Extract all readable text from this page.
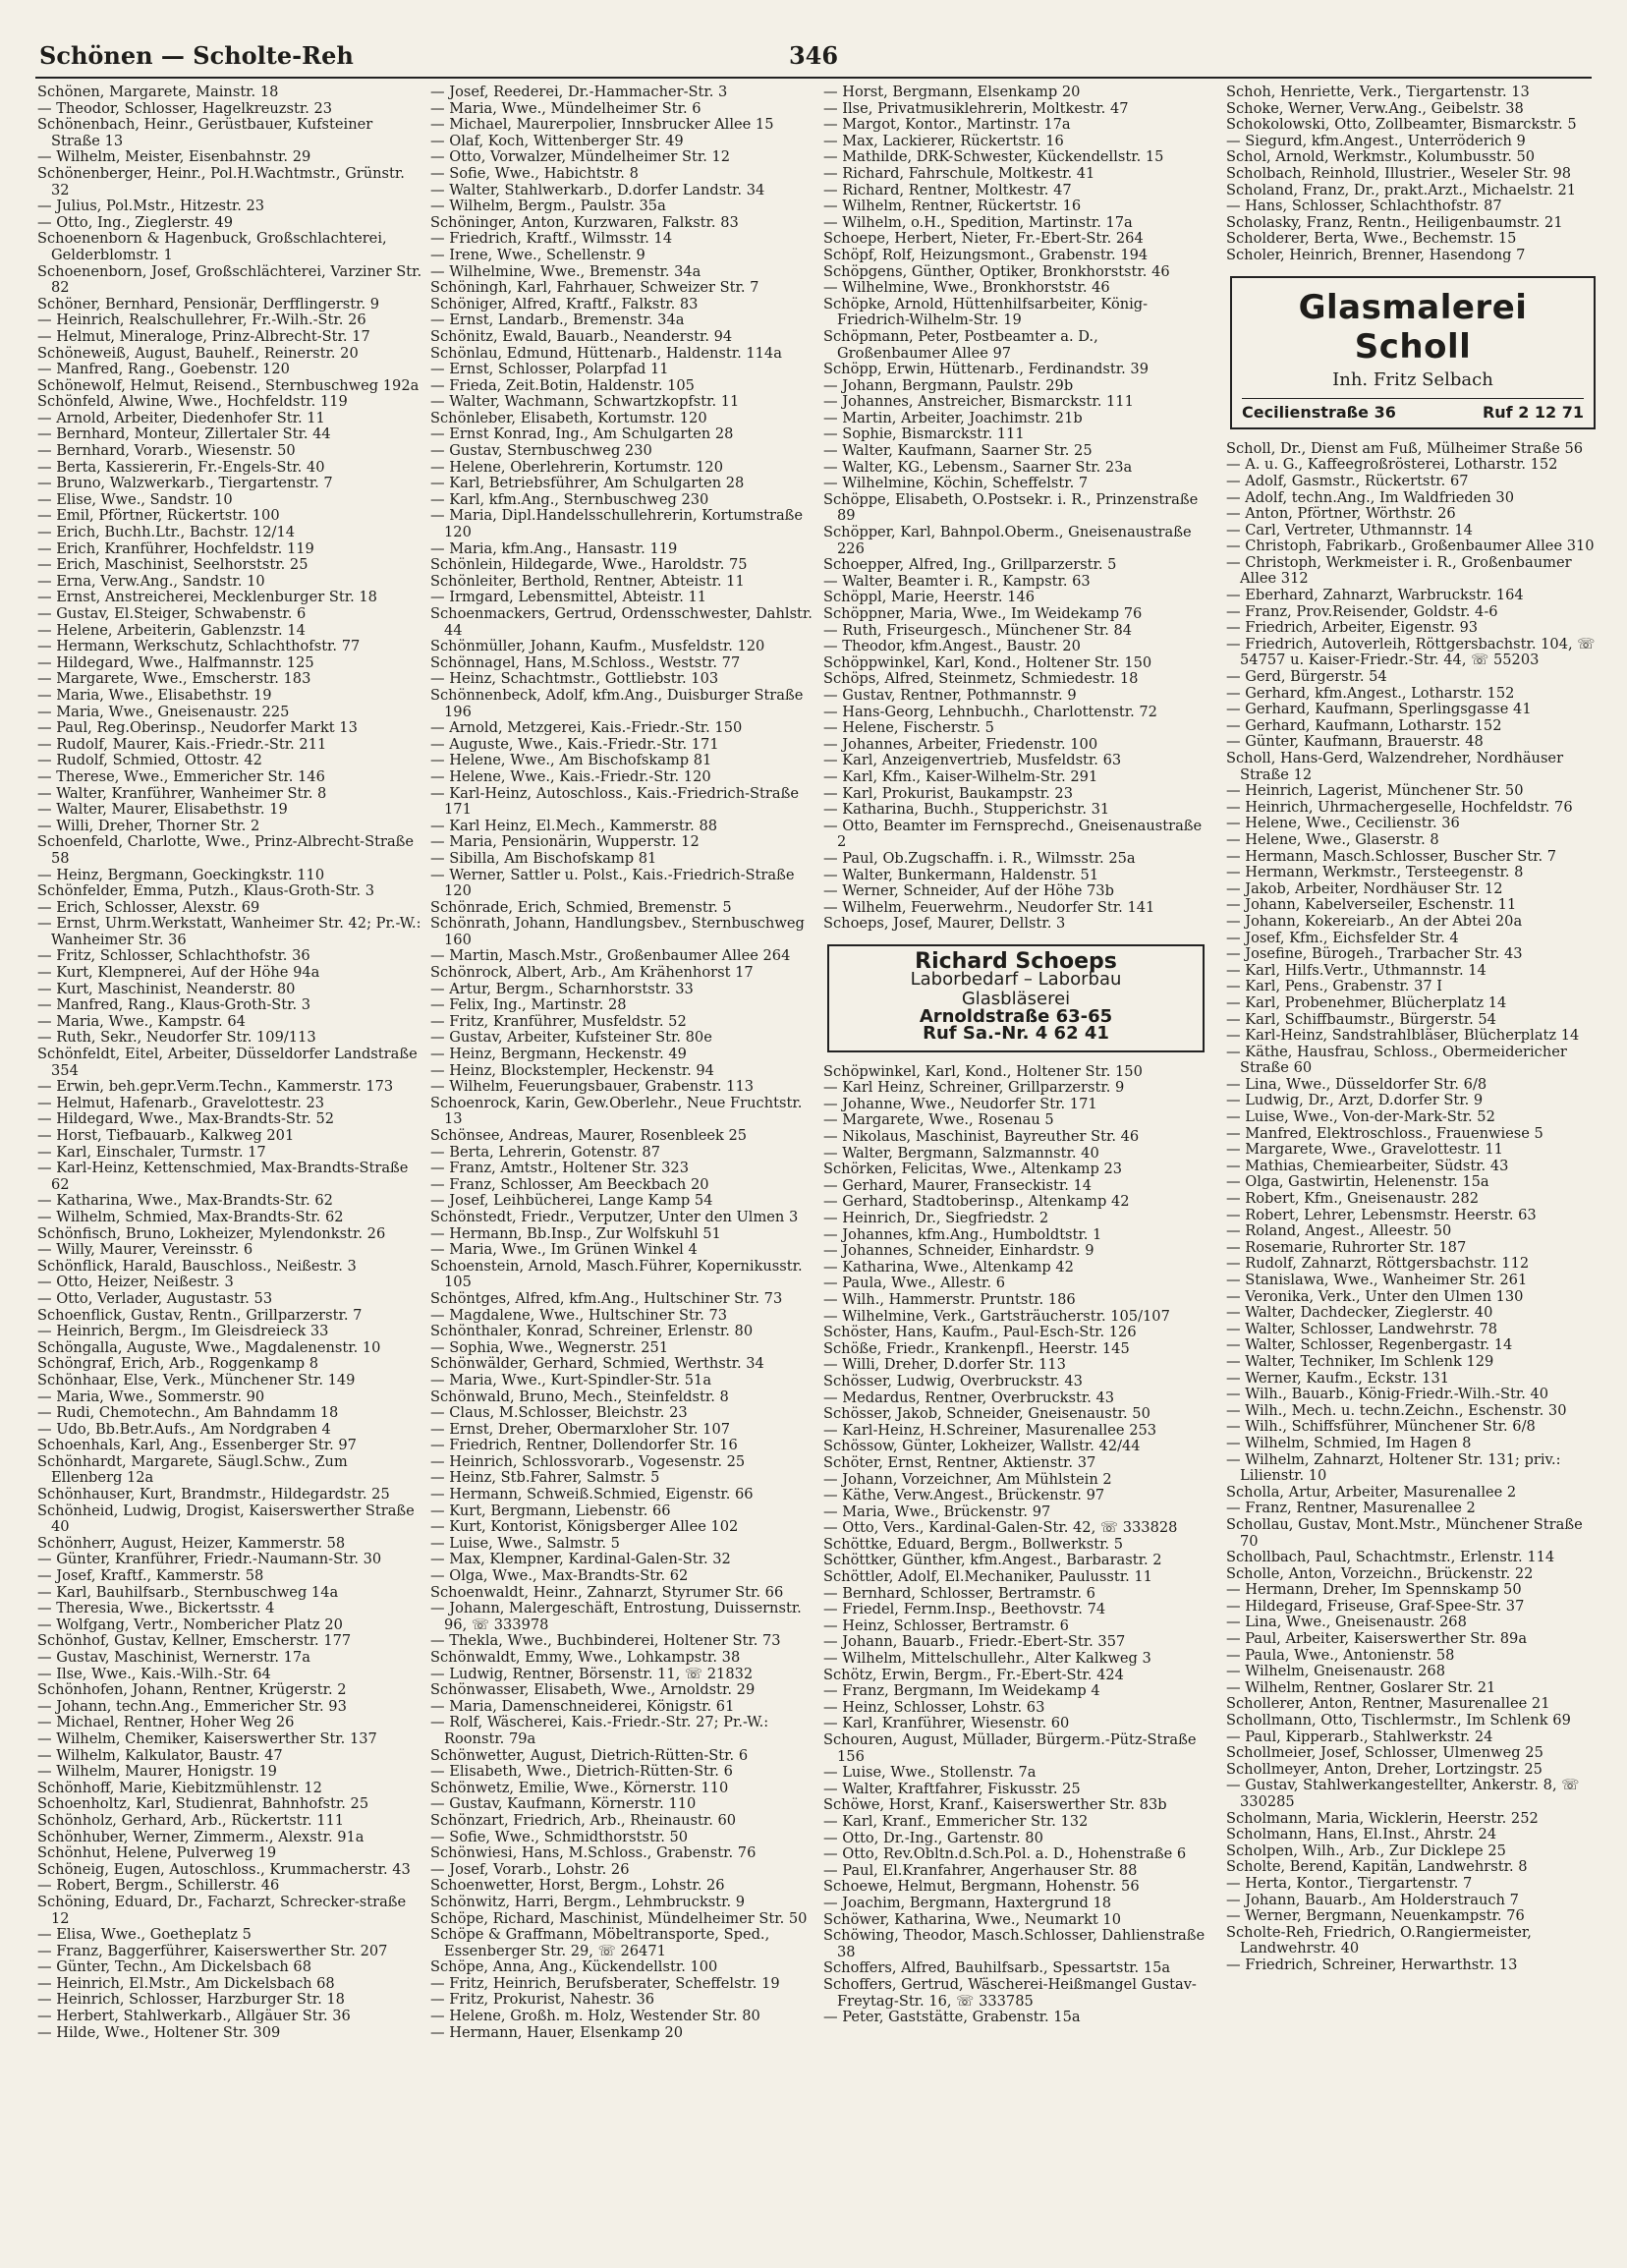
Schönen — Scholte-Reh	346

Schönen, Margarete, Mainstr. 18

— Theodor, Schlosser, Hagelkreuzstr. 23

Schönenbach, Heinr., Gerüstbauer, Kufsteiner Straße 13

— Wilhelm, Meister, Eisenbahnstr. 29

Schönenberger, Heinr., Pol.H.Wachtmstr., Grünstr. 32

— Julius, Pol.Mstr., Hitzestr. 23

— Otto, Ing., Zieglerstr. 49

Schoenenborn & Hagenbuck, Großschlachterei, Gelderblomstr. 1

Schoenenborn, Josef, Großschlächterei, Varziner Str. 82

Schöner, Bernhard, Pensionär, Derfflingerstr. 9

— Heinrich, Realschullehrer, Fr.-Wilh.-Str. 26

— Helmut, Mineraloge, Prinz-Albrecht-Str. 17

Schöneweiß, August, Bauhelf., Reinerstr. 20

— Manfred, Rang., Goebenstr. 120

Schönewolf, Helmut, Reisend., Sternbuschweg 192a

Schönfeld, Alwine, Wwe., Hochfeldstr. 119

— Arnold, Arbeiter, Diedenhofer Str. 11

— Bernhard, Monteur, Zillertaler Str. 44

— Bernhard, Vorarb., Wiesenstr. 50

— Berta, Kassiererin, Fr.-Engels-Str. 40

— Bruno, Walzwerkarb., Tiergartenstr. 7

— Elise, Wwe., Sandstr. 10

— Emil, Pförtner, Rückertstr. 100

— Erich, Buchh.Ltr., Bachstr. 12/14

— Erich, Kranführer, Hochfeldstr. 119

— Erich, Maschinist, Seelhorststr. 25

— Erna, Verw.Ang., Sandstr. 10

— Ernst, Anstreicherei, Mecklenburger Str. 18

— Gustav, El.Steiger, Schwabenstr. 6

— Helene, Arbeiterin, Gablenzstr. 14

— Hermann, Werkschutz, Schlachthofstr. 77

— Hildegard, Wwe., Halfmannstr. 125

— Margarete, Wwe., Emscherstr. 183

— Maria, Wwe., Elisabethstr. 19

— Maria, Wwe., Gneisenaustr. 225

— Paul, Reg.Oberinsp., Neudorfer Markt 13

— Rudolf, Maurer, Kais.-Friedr.-Str. 211

— Rudolf, Schmied, Ottostr. 42

— Therese, Wwe., Emmericher Str. 146

— Walter, Kranführer, Wanheimer Str. 8

— Walter, Maurer, Elisabethstr. 19

— Willi, Dreher, Thorner Str. 2

Schoenfeld, Charlotte, Wwe., Prinz-Albrecht-Straße 58

— Heinz, Bergmann, Goeckingkstr. 110

Schönfelder, Emma, Putzh., Klaus-Groth-Str. 3

— Erich, Schlosser, Alexstr. 69

— Ernst, Uhrm.Werkstatt, Wanheimer Str. 42; Pr.-W.: Wanheimer Str. 36

— Fritz, Schlosser, Schlachthofstr. 36

— Kurt, Klempnerei, Auf der Höhe 94a

— Kurt, Maschinist, Neanderstr. 80

— Manfred, Rang., Klaus-Groth-Str. 3

— Maria, Wwe., Kampstr. 64

— Ruth, Sekr., Neudorfer Str. 109/113

Schönfeldt, Eitel, Arbeiter, Düsseldorfer Landstraße 354

— Erwin, beh.gepr.Verm.Techn., Kammerstr. 173

— Helmut, Hafenarb., Gravelottestr. 23

— Hildegard, Wwe., Max-Brandts-Str. 52

— Horst, Tiefbauarb., Kalkweg 201

— Karl, Einschaler, Turmstr. 17

— Karl-Heinz, Kettenschmied, Max-Brandts-Straße 62

— Katharina, Wwe., Max-Brandts-Str. 62

— Wilhelm, Schmied, Max-Brandts-Str. 62

Schönfisch, Bruno, Lokheizer, Mylendonkstr. 26

— Willy, Maurer, Vereinsstr. 6

Schönflick, Harald, Bauschloss., Neißestr. 3

— Otto, Heizer, Neißestr. 3

— Otto, Verlader, Augustastr. 53

Schoenflick, Gustav, Rentn., Grillparzerstr. 7

— Heinrich, Bergm., Im Gleisdreieck 33

Schöngalla, Auguste, Wwe., Magdalenenstr. 10

Schöngraf, Erich, Arb., Roggenkamp 8

Schönhaar, Else, Verk., Münchener Str. 149

— Maria, Wwe., Sommerstr. 90

— Rudi, Chemotechn., Am Bahndamm 18

— Udo, Bb.Betr.Aufs., Am Nordgraben 4

Schoenhals, Karl, Ang., Essenberger Str. 97

Schönhardt, Margarete, Säugl.Schw., Zum Ellenberg 12a

Schönhauser, Kurt, Brandmstr., Hildegardstr. 25

Schönheid, Ludwig, Drogist, Kaiserswerther Straße 40

Schönherr, August, Heizer, Kammerstr. 58

— Günter, Kranführer, Friedr.-Naumann-Str. 30

— Josef, Kraftf., Kammerstr. 58

— Karl, Bauhilfsarb., Sternbuschweg 14a

— Theresia, Wwe., Bickertsstr. 4

— Wolfgang, Vertr., Nombericher Platz 20

Schönhof, Gustav, Kellner, Emscherstr. 177

— Gustav, Maschinist, Wernerstr. 17a

— Ilse, Wwe., Kais.-Wilh.-Str. 64

Schönhofen, Johann, Rentner, Krügerstr. 2

— Johann, techn.Ang., Emmericher Str. 93

— Michael, Rentner, Hoher Weg 26

— Wilhelm, Chemiker, Kaiserswerther Str. 137

— Wilhelm, Kalkulator, Baustr. 47

— Wilhelm, Maurer, Honigstr. 19

Schönhoff, Marie, Kiebitzmühlenstr. 12

Schoenholtz, Karl, Studienrat, Bahnhofstr. 25

Schönholz, Gerhard, Arb., Rückertstr. 111

Schönhuber, Werner, Zimmerm., Alexstr. 91a

Schönhut, Helene, Pulverweg 19

Schöneig, Eugen, Autoschloss., Krummacherstr. 43

— Robert, Bergm., Schillerstr. 46

Schöning, Eduard, Dr., Facharzt, Schrecker-straße 12

— Elisa, Wwe., Goetheplatz 5

— Franz, Baggerführer, Kaiserswerther Str. 207

— Günter, Techn., Am Dickelsbach 68

— Heinrich, El.Mstr., Am Dickelsbach 68

— Heinrich, Schlosser, Harzburger Str. 18

— Herbert, Stahlwerkarb., Allgäuer Str. 36

— Hilde, Wwe., Holtener Str. 309

— Josef, Reederei, Dr.-Hammacher-Str. 3

— Maria, Wwe., Mündelheimer Str. 6

— Michael, Maurerpolier, Innsbrucker Allee 15

— Olaf, Koch, Wittenberger Str. 49

— Otto, Vorwalzer, Mündelheimer Str. 12

— Sofie, Wwe., Habichtstr. 8

— Walter, Stahlwerkarb., D.dorfer Landstr. 34

— Wilhelm, Bergm., Paulstr. 35a

Schöninger, Anton, Kurzwaren, Falkstr. 83

— Friedrich, Kraftf., Wilmsstr. 14

— Irene, Wwe., Schellenstr. 9

— Wilhelmine, Wwe., Bremenstr. 34a

Schöningh, Karl, Fahrhauer, Schweizer Str. 7

Schöniger, Alfred, Kraftf., Falkstr. 83

— Ernst, Landarb., Bremenstr. 34a

Schönitz, Ewald, Bauarb., Neanderstr. 94

Schönlau, Edmund, Hüttenarb., Haldenstr. 114a

— Ernst, Schlosser, Polarpfad 11

— Frieda, Zeit.Botin, Haldenstr. 105

— Walter, Wachmann, Schwartzkopfstr. 11

Schönleber, Elisabeth, Kortumstr. 120

— Ernst Konrad, Ing., Am Schulgarten 28

— Gustav, Sternbuschweg 230

— Helene, Oberlehrerin, Kortumstr. 120

— Karl, Betriebsführer, Am Schulgarten 28

— Karl, kfm.Ang., Sternbuschweg 230

— Maria, Dipl.Handelsschullehrerin, Kortumstraße 120

— Maria, kfm.Ang., Hansastr. 119

Schönlein, Hildegarde, Wwe., Haroldstr. 75

Schönleiter, Berthold, Rentner, Abteistr. 11

— Irmgard, Lebensmittel, Abteistr. 11

Schoenmackers, Gertrud, Ordensschwester, Dahlstr. 44

Schönmüller, Johann, Kaufm., Musfeldstr. 120

Schönnagel, Hans, M.Schloss., Weststr. 77

— Heinz, Schachtmstr., Gottliebstr. 103

Schönnenbeck, Adolf, kfm.Ang., Duisburger Straße 196

— Arnold, Metzgerei, Kais.-Friedr.-Str. 150

— Auguste, Wwe., Kais.-Friedr.-Str. 171

— Helene, Wwe., Am Bischofskamp 81

— Helene, Wwe., Kais.-Friedr.-Str. 120

— Karl-Heinz, Autoschloss., Kais.-Friedrich-Straße 171

— Karl Heinz, El.Mech., Kammerstr. 88

— Maria, Pensionärin, Wupperstr. 12

— Sibilla, Am Bischofskamp 81

— Werner, Sattler u. Polst., Kais.-Friedrich-Straße 120

Schönrade, Erich, Schmied, Bremenstr. 5

Schönrath, Johann, Handlungsbev., Sternbuschweg 160

— Martin, Masch.Mstr., Großenbaumer Allee 264

Schönrock, Albert, Arb., Am Krähenhorst 17

— Artur, Bergm., Scharnhorststr. 33

— Felix, Ing., Martinstr. 28

— Fritz, Kranführer, Musfeldstr. 52

— Gustav, Arbeiter, Kufsteiner Str. 80e

— Heinz, Bergmann, Heckenstr. 49

— Heinz, Blockstempler, Heckenstr. 94

— Wilhelm, Feuerungsbauer, Grabenstr. 113

Schoenrock, Karin, Gew.Oberlehr., Neue Fruchtstr. 13

Schönsee, Andreas, Maurer, Rosenbleek 25

— Berta, Lehrerin, Gotenstr. 87

— Franz, Amtstr., Holtener Str. 323

— Franz, Schlosser, Am Beeckbach 20

— Josef, Leihbücherei, Lange Kamp 54

Schönstedt, Friedr., Verputzer, Unter den Ulmen 3

— Hermann, Bb.Insp., Zur Wolfskuhl 51

— Maria, Wwe., Im Grünen Winkel 4

Schoenstein, Arnold, Masch.Führer, Kopernikusstr. 105

Schöntges, Alfred, kfm.Ang., Hultschiner Str. 73

— Magdalene, Wwe., Hultschiner Str. 73

Schönthaler, Konrad, Schreiner, Erlenstr. 80

— Sophia, Wwe., Wegnerstr. 251

Schönwälder, Gerhard, Schmied, Werthstr. 34

— Maria, Wwe., Kurt-Spindler-Str. 51a

Schönwald, Bruno, Mech., Steinfeldstr. 8

— Claus, M.Schlosser, Bleichstr. 23

— Ernst, Dreher, Obermarxloher Str. 107

— Friedrich, Rentner, Dollendorfer Str. 16

— Heinrich, Schlossvorarb., Vogesenstr. 25

— Heinz, Stb.Fahrer, Salmstr. 5

— Hermann, Schweiß.Schmied, Eigenstr. 66

— Kurt, Bergmann, Liebenstr. 66

— Kurt, Kontorist, Königsberger Allee 102

— Luise, Wwe., Salmstr. 5

— Max, Klempner, Kardinal-Galen-Str. 32

— Olga, Wwe., Max-Brandts-Str. 62

Schoenwaldt, Heinr., Zahnarzt, Styrumer Str. 66

— Johann, Malergeschäft, Entrostung, Duissernstr. 96, ☏ 333978

— Thekla, Wwe., Buchbinderei, Holtener Str. 73

Schönwaldt, Emmy, Wwe., Lohkampstr. 38

— Ludwig, Rentner, Börsenstr. 11, ☏ 21832

Schönwasser, Elisabeth, Wwe., Arnoldstr. 29

— Maria, Damenschneiderei, Königstr. 61

— Rolf, Wäscherei, Kais.-Friedr.-Str. 27; Pr.-W.: Roonstr. 79a

Schönwetter, August, Dietrich-Rütten-Str. 6

— Elisabeth, Wwe., Dietrich-Rütten-Str. 6

Schönwetz, Emilie, Wwe., Körnerstr. 110

— Gustav, Kaufmann, Körnerstr. 110

Schönzart, Friedrich, Arb., Rheinaustr. 60

— Sofie, Wwe., Schmidthorststr. 50

Schönwiesi, Hans, M.Schloss., Grabenstr. 76

— Josef, Vorarb., Lohstr. 26

Schoenwetter, Horst, Bergm., Lohstr. 26

Schönwitz, Harri, Bergm., Lehmbruckstr. 9

Schöpe, Richard, Maschinist, Mündelheimer Str. 50

Schöpe & Graffmann, Möbeltransporte, Sped., Essenberger Str. 29, ☏ 26471

Schöpe, Anna, Ang., Kückendellstr. 100

— Fritz, Heinrich, Berufsberater, Scheffelstr. 19

— Fritz, Prokurist, Nahestr. 36

— Helene, Großh. m. Holz, Westender Str. 80

— Hermann, Hauer, Elsenkamp 20

— Horst, Bergmann, Elsenkamp 20

— Ilse, Privatmusiklehrerin, Moltkestr. 47

— Margot, Kontor., Martinstr. 17a

— Max, Lackierer, Rückertstr. 16

— Mathilde, DRK-Schwester, Kückendellstr. 15

— Richard, Fahrschule, Moltkestr. 41

— Richard, Rentner, Moltkestr. 47

— Wilhelm, Rentner, Rückertstr. 16

— Wilhelm, o.H., Spedition, Martinstr. 17a

Schoepe, Herbert, Nieter, Fr.-Ebert-Str. 264

Schöpf, Rolf, Heizungsmont., Grabenstr. 194

Schöpgens, Günther, Optiker, Bronkhorststr. 46

— Wilhelmine, Wwe., Bronkhorststr. 46

Schöpke, Arnold, Hüttenhilfsarbeiter, König-Friedrich-Wilhelm-Str. 19

Schöpmann, Peter, Postbeamter a. D., Großenbaumer Allee 97

Schöpp, Erwin, Hüttenarb., Ferdinandstr. 39

— Johann, Bergmann, Paulstr. 29b

— Johannes, Anstreicher, Bismarckstr. 111

— Martin, Arbeiter, Joachimstr. 21b

— Sophie, Bismarckstr. 111

— Walter, Kaufmann, Saarner Str. 25

— Walter, KG., Lebensm., Saarner Str. 23a

— Wilhelmine, Köchin, Scheffelstr. 7

Schöppe, Elisabeth, O.Postsekr. i. R., Prinzenstraße 89

Schöpper, Karl, Bahnpol.Oberm., Gneisenaustraße 226

Schoepper, Alfred, Ing., Grillparzerstr. 5

— Walter, Beamter i. R., Kampstr. 63

Schöppl, Marie, Heerstr. 146

Schöppner, Maria, Wwe., Im Weidekamp 76

— Ruth, Friseurgesch., Münchener Str. 84

— Theodor, kfm.Angest., Baustr. 20

Schöppwinkel, Karl, Kond., Holtener Str. 150

Schöps, Alfred, Steinmetz, Schmiedestr. 18

— Gustav, Rentner, Pothmannstr. 9

— Hans-Georg, Lehnbuchh., Charlottenstr. 72

— Helene, Fischerstr. 5

— Johannes, Arbeiter, Friedenstr. 100

— Karl, Anzeigenvertrieb, Musfeldstr. 63

— Karl, Kfm., Kaiser-Wilhelm-Str. 291

— Karl, Prokurist, Baukampstr. 23

— Katharina, Buchh., Stupperichstr. 31

— Otto, Beamter im Fernsprechd., Gneisenaustraße 2

— Paul, Ob.Zugschaffn. i. R., Wilmsstr. 25a

— Walter, Bunkermann, Haldenstr. 51

— Werner, Schneider, Auf der Höhe 73b

— Wilhelm, Feuerwehrm., Neudorfer Str. 141

Schoeps, Josef, Maurer, Dellstr. 3

Richard Schoeps
Laborbedarf – Laborbau
Glasbläserei
Arnoldstraße 63-65
Ruf Sa.-Nr. 4 62 41

Schöpwinkel, Karl, Kond., Holtener Str. 150

— Karl Heinz, Schreiner, Grillparzerstr. 9

— Johanne, Wwe., Neudorfer Str. 171

— Margarete, Wwe., Rosenau 5

— Nikolaus, Maschinist, Bayreuther Str. 46

— Walter, Bergmann, Salzmannstr. 40

Schörken, Felicitas, Wwe., Altenkamp 23

— Gerhard, Maurer, Franseckistr. 14

— Gerhard, Stadtoberinsp., Altenkamp 42

— Heinrich, Dr., Siegfriedstr. 2

— Johannes, kfm.Ang., Humboldtstr. 1

— Johannes, Schneider, Einhardstr. 9

— Katharina, Wwe., Altenkamp 42

— Paula, Wwe., Allestr. 6

— Wilh., Hammerstr. Pruntstr. 186

— Wilhelmine, Verk., Gartsträucherstr. 105/107

Schöster, Hans, Kaufm., Paul-Esch-Str. 126

Schöße, Friedr., Krankenpfl., Heerstr. 145

— Willi, Dreher, D.dorfer Str. 113

Schösser, Ludwig, Overbruckstr. 43

— Medardus, Rentner, Overbruckstr. 43

Schösser, Jakob, Schneider, Gneisenaustr. 50

— Karl-Heinz, H.Schreiner, Masurenallee 253

Schössow, Günter, Lokheizer, Wallstr. 42/44

Schöter, Ernst, Rentner, Aktienstr. 37

— Johann, Vorzeichner, Am Mühlstein 2

— Käthe, Verw.Angest., Brückenstr. 97

— Maria, Wwe., Brückenstr. 97

— Otto, Vers., Kardinal-Galen-Str. 42, ☏ 333828

Schöttke, Eduard, Bergm., Bollwerkstr. 5

Schöttker, Günther, kfm.Angest., Barbarastr. 2

Schöttler, Adolf, El.Mechaniker, Paulusstr. 11

— Bernhard, Schlosser, Bertramstr. 6

— Friedel, Fernm.Insp., Beethovstr. 74

— Heinz, Schlosser, Bertramstr. 6

— Johann, Bauarb., Friedr.-Ebert-Str. 357

— Wilhelm, Mittelschullehr., Alter Kalkweg 3

Schötz, Erwin, Bergm., Fr.-Ebert-Str. 424

— Franz, Bergmann, Im Weidekamp 4

— Heinz, Schlosser, Lohstr. 63

— Karl, Kranführer, Wiesenstr. 60

Schouren, August, Müllader, Bürgerm.-Pütz-Straße 156

— Luise, Wwe., Stollenstr. 7a

— Walter, Kraftfahrer, Fiskusstr. 25

Schöwe, Horst, Kranf., Kaiserswerther Str. 83b

— Karl, Kranf., Emmericher Str. 132

— Otto, Dr.-Ing., Gartenstr. 80

— Otto, Rev.Obltn.d.Sch.Pol. a. D., Hohenstraße 6

— Paul, El.Kranfahrer, Angerhauser Str. 88

Schoewe, Helmut, Bergmann, Hohenstr. 56

— Joachim, Bergmann, Haxtergrund 18

Schöwer, Katharina, Wwe., Neumarkt 10

Schöwing, Theodor, Masch.Schlosser, Dahlienstraße 38

Schoffers, Alfred, Bauhilfsarb., Spessartstr. 15a

Schoffers, Gertrud, Wäscherei-Heißmangel Gustav-Freytag-Str. 16, ☏ 333785

— Peter, Gaststätte, Grabenstr. 15a

Schoh, Henriette, Verk., Tiergartenstr. 13

Schoke, Werner, Verw.Ang., Geibelstr. 38

Schokolowski, Otto, Zollbeamter, Bismarckstr. 5

— Siegurd, kfm.Angest., Unterröderich 9

Schol, Arnold, Werkmstr., Kolumbusstr. 50

Scholbach, Reinhold, Illustrier., Weseler Str. 98

Scholand, Franz, Dr., prakt.Arzt., Michaelstr. 21

— Hans, Schlosser, Schlachthofstr. 87

Scholasky, Franz, Rentn., Heiligenbaumstr. 21

Scholderer, Berta, Wwe., Bechemstr. 15

Scholer, Heinrich, Brenner, Hasendong 7

Glasmalerei Scholl
Inh. Fritz Selbach
Cecilienstraße 36	Ruf 2 12 71

Scholl, Dr., Dienst am Fuß, Mülheimer Straße 56

— A. u. G., Kaffeegroßrösterei, Lotharstr. 152

— Adolf, Gasmstr., Rückertstr. 67

— Adolf, techn.Ang., Im Waldfrieden 30

— Anton, Pförtner, Wörthstr. 26

— Carl, Vertreter, Uthmannstr. 14

— Christoph, Fabrikarb., Großenbaumer Allee 310

— Christoph, Werkmeister i. R., Großenbaumer Allee 312

— Eberhard, Zahnarzt, Warbruckstr. 164

— Franz, Prov.Reisender, Goldstr. 4-6

— Friedrich, Arbeiter, Eigenstr. 93

— Friedrich, Autoverleih, Röttgersbachstr. 104, ☏ 54757 u. Kaiser-Friedr.-Str. 44, ☏ 55203

— Gerd, Bürgerstr. 54

— Gerhard, kfm.Angest., Lotharstr. 152

— Gerhard, Kaufmann, Sperlingsgasse 41

— Gerhard, Kaufmann, Lotharstr. 152

— Günter, Kaufmann, Brauerstr. 48

Scholl, Hans-Gerd, Walzendreher, Nordhäuser Straße 12

— Heinrich, Lagerist, Münchener Str. 50

— Heinrich, Uhrmachergeselle, Hochfeldstr. 76

— Helene, Wwe., Cecilienstr. 36

— Helene, Wwe., Glaserstr. 8

— Hermann, Masch.Schlosser, Buscher Str. 7

— Hermann, Werkmstr., Tersteegenstr. 8

— Jakob, Arbeiter, Nordhäuser Str. 12

— Johann, Kabelverseiler, Eschenstr. 11

— Johann, Kokereiarb., An der Abtei 20a

— Josef, Kfm., Eichsfelder Str. 4

— Josefine, Bürogeh., Trarbacher Str. 43

— Karl, Hilfs.Vertr., Uthmannstr. 14

— Karl, Pens., Grabenstr. 37 I

— Karl, Probenehmer, Blücherplatz 14

— Karl, Schiffbaumstr., Bürgerstr. 54

— Karl-Heinz, Sandstrahlbläser, Blücherplatz 14

— Käthe, Hausfrau, Schloss., Obermeidericher Straße 60

— Lina, Wwe., Düsseldorfer Str. 6/8

— Ludwig, Dr., Arzt, D.dorfer Str. 9

— Luise, Wwe., Von-der-Mark-Str. 52

— Manfred, Elektroschloss., Frauenwiese 5

— Margarete, Wwe., Gravelottestr. 11

— Mathias, Chemiearbeiter, Südstr. 43

— Olga, Gastwirtin, Helenenstr. 15a

— Robert, Kfm., Gneisenaustr. 282

— Robert, Lehrer, Lebensmstr. Heerstr. 63

— Roland, Angest., Alleestr. 50

— Rosemarie, Ruhrorter Str. 187

— Rudolf, Zahnarzt, Röttgersbachstr. 112

— Stanislawa, Wwe., Wanheimer Str. 261

— Veronika, Verk., Unter den Ulmen 130

— Walter, Dachdecker, Zieglerstr. 40

— Walter, Schlosser, Landwehrstr. 78

— Walter, Schlosser, Regenbergastr. 14

— Walter, Techniker, Im Schlenk 129

— Werner, Kaufm., Eckstr. 131

— Wilh., Bauarb., König-Friedr.-Wilh.-Str. 40

— Wilh., Mech. u. techn.Zeichn., Eschenstr. 30

— Wilh., Schiffsführer, Münchener Str. 6/8

— Wilhelm, Schmied, Im Hagen 8

— Wilhelm, Zahnarzt, Holtener Str. 131; priv.: Lilienstr. 10

Scholla, Artur, Arbeiter, Masurenallee 2

— Franz, Rentner, Masurenallee 2

Schollau, Gustav, Mont.Mstr., Münchener Straße 70

Schollbach, Paul, Schachtmstr., Erlenstr. 114

Scholle, Anton, Vorzeichn., Brückenstr. 22

— Hermann, Dreher, Im Spennskamp 50

— Hildegard, Friseuse, Graf-Spee-Str. 37

— Lina, Wwe., Gneisenaustr. 268

— Paul, Arbeiter, Kaiserswerther Str. 89a

— Paula, Wwe., Antonienstr. 58

— Wilhelm, Gneisenaustr. 268

— Wilhelm, Rentner, Goslarer Str. 21

Schollerer, Anton, Rentner, Masurenallee 21

Schollmann, Otto, Tischlermstr., Im Schlenk 69

— Paul, Kipperarb., Stahlwerkstr. 24

Schollmeier, Josef, Schlosser, Ulmenweg 25

Schollmeyer, Anton, Dreher, Lortzingstr. 25

— Gustav, Stahlwerkangestellter, Ankerstr. 8, ☏ 330285

Scholmann, Maria, Wicklerin, Heerstr. 252

Scholmann, Hans, El.Inst., Ahrstr. 24

Scholpen, Wilh., Arb., Zur Dicklepe 25

Scholte, Berend, Kapitän, Landwehrstr. 8

— Herta, Kontor., Tiergartenstr. 7

— Johann, Bauarb., Am Holderstrauch 7

— Werner, Bergmann, Neuenkampstr. 76

Scholte-Reh, Friedrich, O.Rangiermeister, Landwehrstr. 40

— Friedrich, Schreiner, Herwarthstr. 13
